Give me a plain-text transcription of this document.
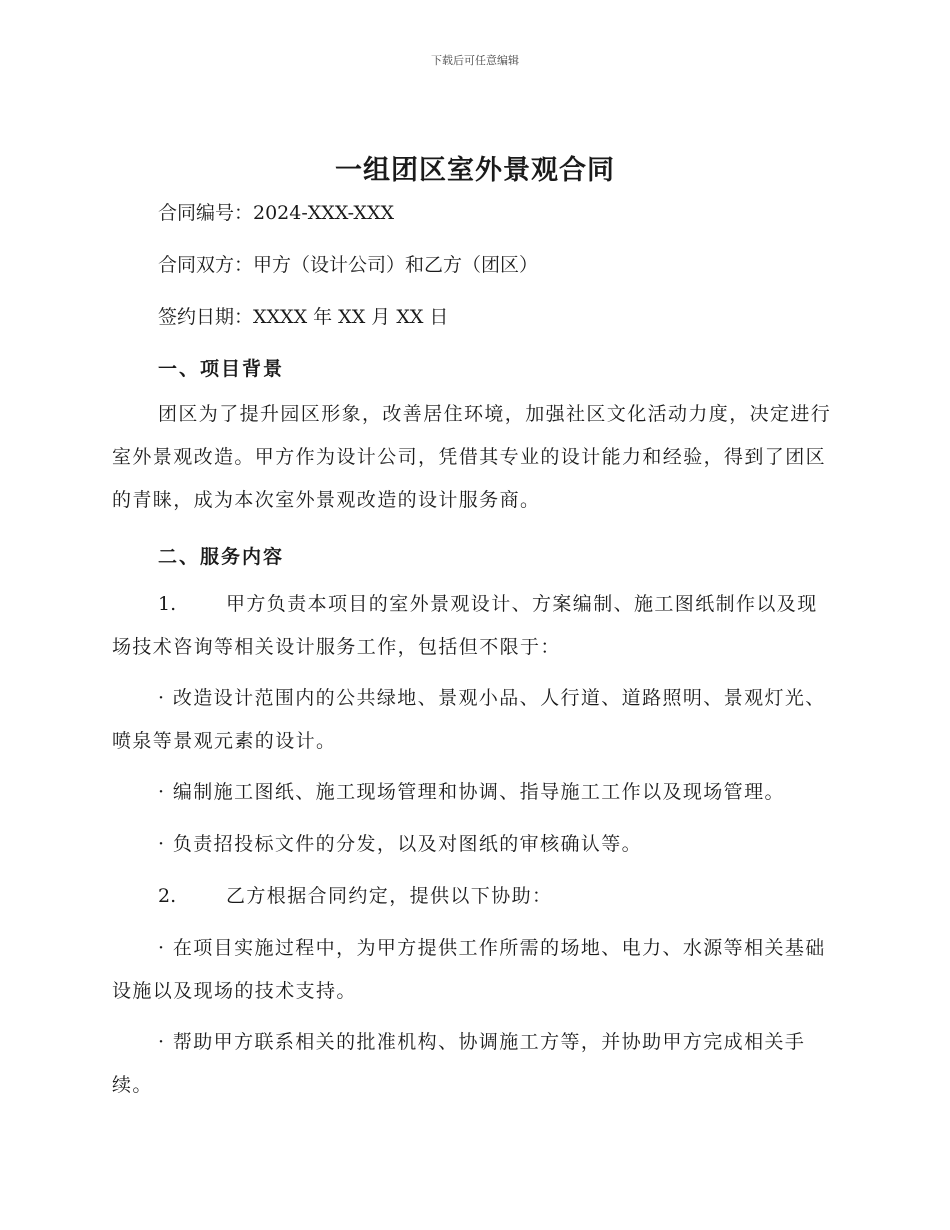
下载后可任意编辑
一组团区室外景观合同

合同编号：2024-XXX-XXX

合同双方：甲方（设计公司）和乙方（团区）

签约日期：XXXX 年 XX 月 XX 日

一、项目背景

团区为了提升园区形象，改善居住环境，加强社区文化活动力度，决定进行室外景观改造。甲方作为设计公司，凭借其专业的设计能力和经验，得到了团区的青睐，成为本次室外景观改造的设计服务商。

二、服务内容

1.	甲方负责本项目的室外景观设计、方案编制、施工图纸制作以及现场技术咨询等相关设计服务工作，包括但不限于：

· 改造设计范围内的公共绿地、景观小品、人行道、道路照明、景观灯光、喷泉等景观元素的设计。

· 编制施工图纸、施工现场管理和协调、指导施工工作以及现场管理。

· 负责招投标文件的分发，以及对图纸的审核确认等。

2.	乙方根据合同约定，提供以下协助：

· 在项目实施过程中，为甲方提供工作所需的场地、电力、水源等相关基础设施以及现场的技术支持。

· 帮助甲方联系相关的批准机构、协调施工方等，并协助甲方完成相关手续。
